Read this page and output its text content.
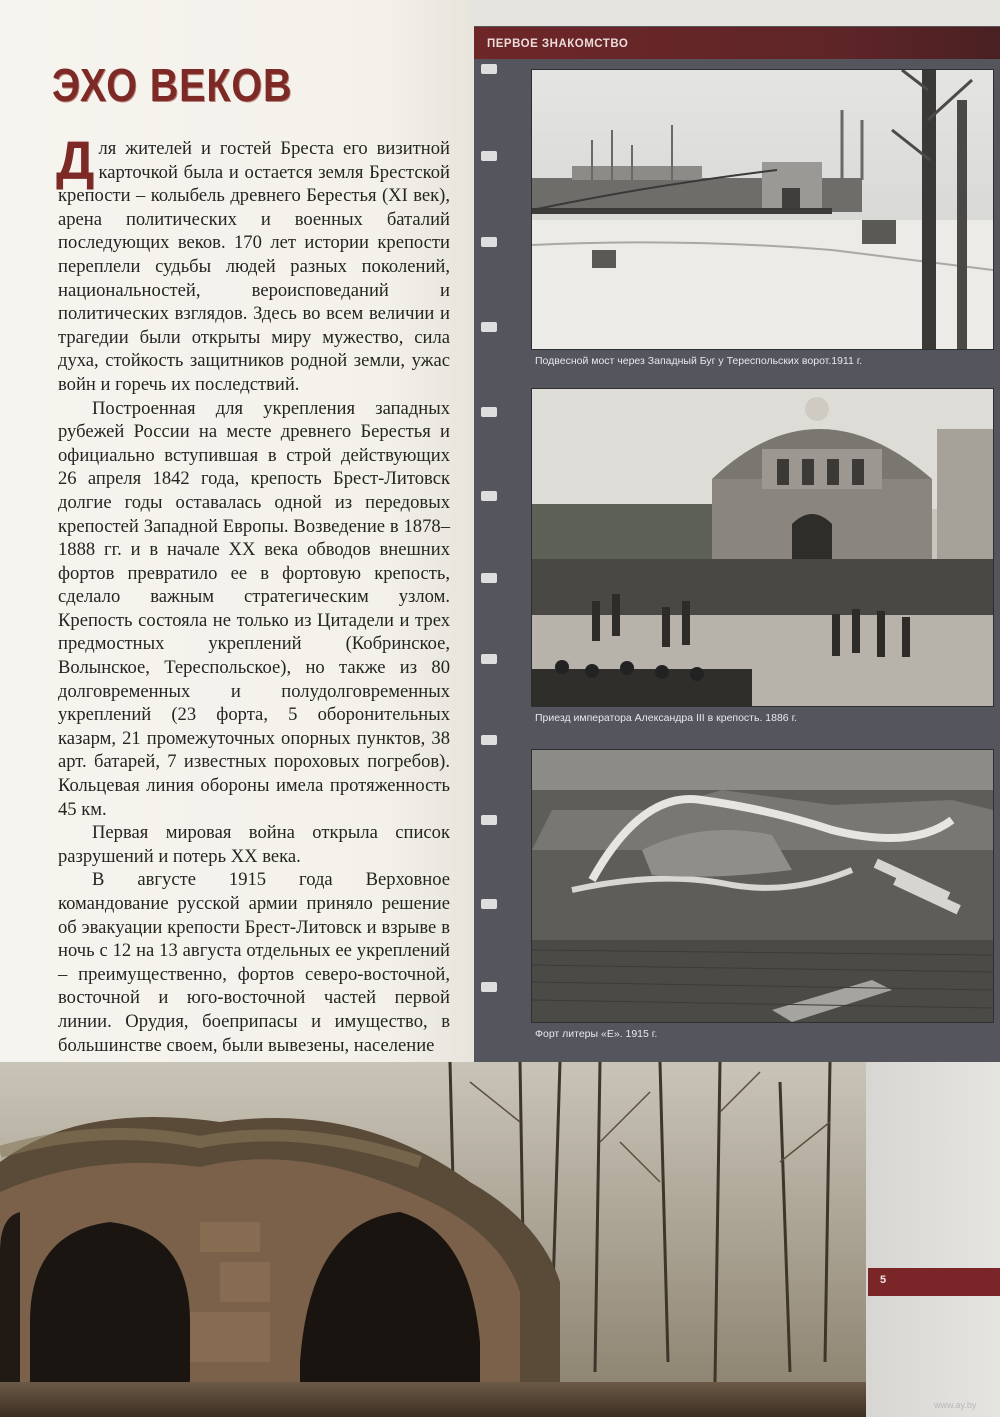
ЭХО ВЕКОВ

Для жителей и гостей Бреста его визитной карточкой была и остается земля Брестской крепости – колыбель древнего Берестья (XI век), арена политических и военных баталий последующих веков. 170 лет истории крепости переплели судьбы людей разных поколений, национальностей, вероисповеданий и политических взглядов. Здесь во всем величии и трагедии были открыты миру мужество, сила духа, стойкость защитников родной земли, ужас войн и горечь их последствий.

Построенная для укрепления западных рубежей России на месте древнего Берестья и официально вступившая в строй действующих 26 апреля 1842 года, крепость Брест-Литовск долгие годы оставалась одной из передовых крепостей Западной Европы. Возведение в 1878–1888 гг. и в начале XX века обводов внешних фортов превратило ее в фортовую крепость, сделало важным стратегическим узлом. Крепость состояла не только из Цитадели и трех предмостных укреплений (Кобринское, Волынское, Тереспольское), но также из 80 долговременных и полудолговременных укреплений (23 форта, 5 оборонительных казарм, 21 промежуточных опорных пунктов, 38 арт. батарей, 7 известных пороховых погребов). Кольцевая линия обороны имела протяженность 45 км.

Первая мировая война открыла список разрушений и потерь XX века.

В августе 1915 года Верховное командование русской армии приняло решение об эвакуации крепости Брест-Литовск и взрыве в ночь с 12 на 13 августа отдельных ее укреплений – преимущественно, фортов северо-восточной, восточной и юго-восточной частей первой линии. Орудия, боеприпасы и имущество, в большинстве своем, были вывезены, население

ПЕРВОЕ ЗНАКОМСТВО

Подвесной мост через Западный Буг у Тереспольских ворот.1911 г.

Приезд императора Александра III в крепость. 1886 г.

Форт литеры «Е». 1915 г.

5

www.ay.by
